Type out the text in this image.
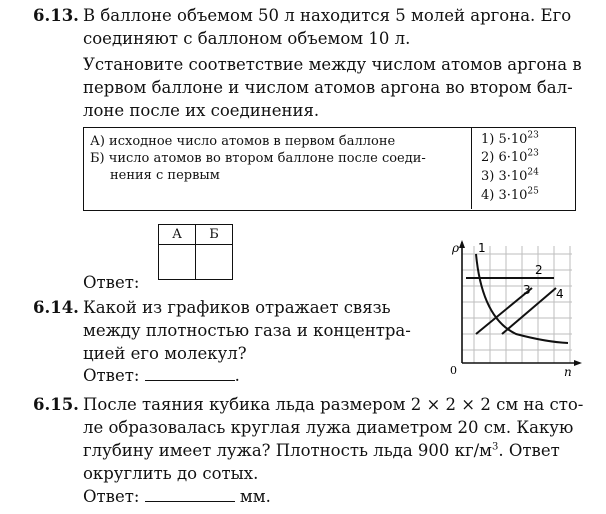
6.13. В баллоне объемом 50 л находится 5 молей аргона. Его
соединяют с баллоном объемом 10 л.
Установите соответствие между числом атомов аргона в
первом баллоне и числом атомов аргона во втором бал-
лоне после их соединения.
А) исходное число атомов в первом баллоне
Б) число атомов во втором баллоне после соеди-
нения с первым
1) $5\cdot 10^{23}$
2) $6\cdot 10^{23}$
3) $3\cdot 10^{24}$
4) $3\cdot 10^{25}$
А	Б

Ответ:
6.14. Какой из графиков отражает связь
между плотностью газа и концентра-
цией его молекул?
Ответ:	.
ρ
n
0
1
2
3 4
6.15. После таяния кубика льда размером 2 × 2 × 2 см на сто-
ле образовалась круглая лужа диаметром 20 см. Какую
глубину имеет лужа? Плотность льда 900 $кг/м^3$. Ответ
округлить до сотых.
Ответ:	мм.
